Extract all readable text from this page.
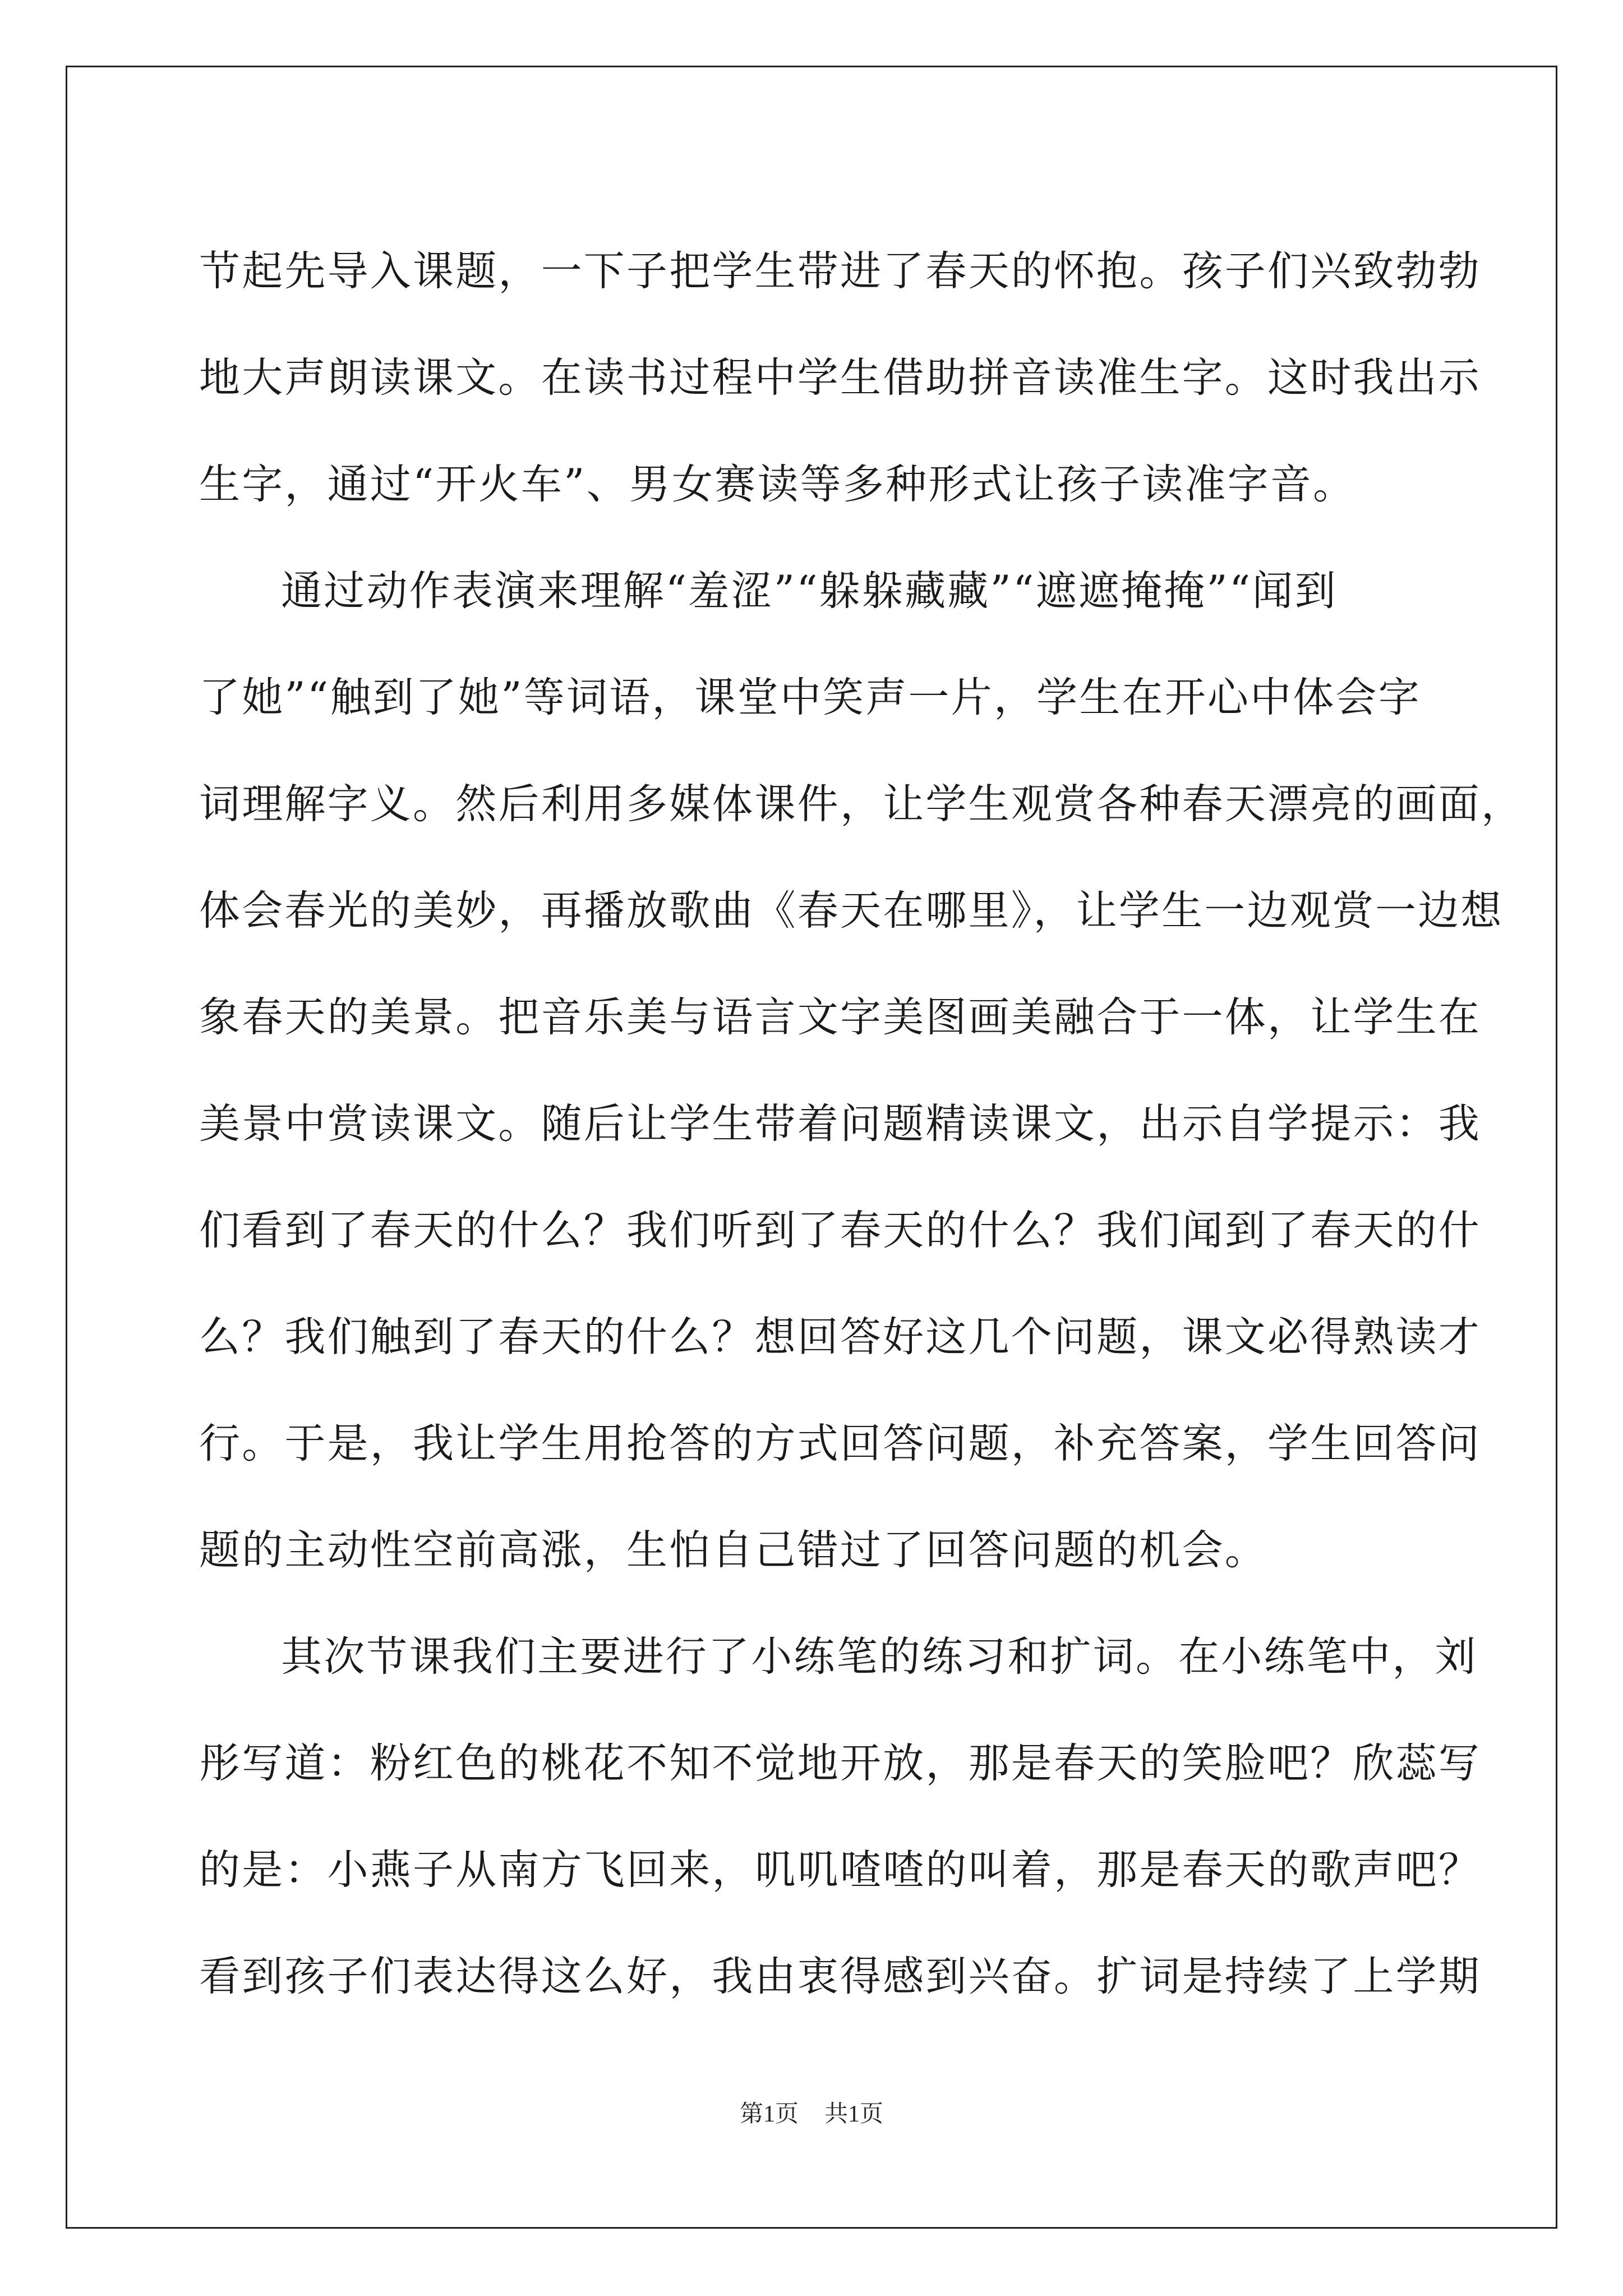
节起先导入课题，一下子把学生带进了春天的怀抱。孩子们兴致勃勃
地大声朗读课文。在读书过程中学生借助拼音读准生字。这时我出示
生字，通过“开火车”、男女赛读等多种形式让孩子读准字音。
通过动作表演来理解“羞涩”“躲躲藏藏”“遮遮掩掩”“闻到
了她”“触到了她”等词语，课堂中笑声一片，学生在开心中体会字
词理解字义。然后利用多媒体课件，让学生观赏各种春天漂亮的画面，
体会春光的美妙，再播放歌曲《春天在哪里》，让学生一边观赏一边想
象春天的美景。把音乐美与语言文字美图画美融合于一体，让学生在
美景中赏读课文。随后让学生带着问题精读课文，出示自学提示：我
们看到了春天的什么？我们听到了春天的什么？我们闻到了春天的什
么？我们触到了春天的什么？想回答好这几个问题，课文必得熟读才
行。于是，我让学生用抢答的方式回答问题，补充答案，学生回答问
题的主动性空前高涨，生怕自己错过了回答问题的机会。
其次节课我们主要进行了小练笔的练习和扩词。在小练笔中，刘
彤写道：粉红色的桃花不知不觉地开放，那是春天的笑脸吧？欣蕊写
的是：小燕子从南方飞回来，叽叽喳喳的叫着，那是春天的歌声吧？
看到孩子们表达得这么好，我由衷得感到兴奋。扩词是持续了上学期
第1页 共1页
